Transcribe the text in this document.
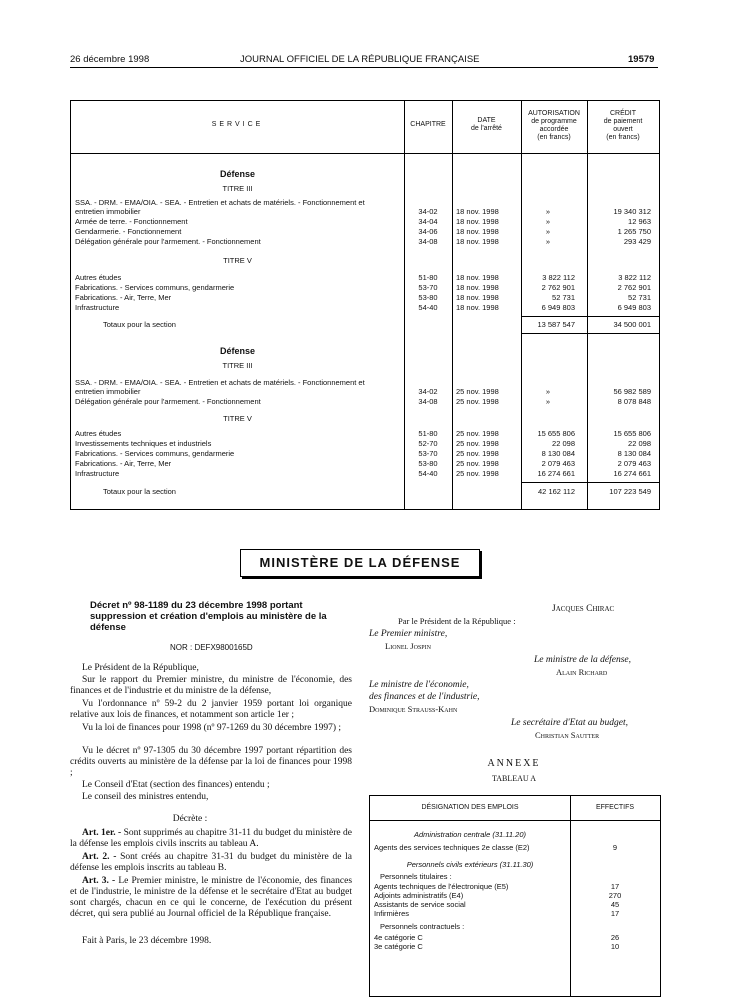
26 décembre 1998	JOURNAL OFFICIEL DE LA RÉPUBLIQUE FRANÇAISE	19579
SERVICE	CHAPITRE
DATE
de l'arrêté
AUTORISATION
de programme
accordée
(en francs)
CRÉDIT
de paiement
ouvert
(en francs)
Défense
TITRE III
SSA. - DRM. - EMA/OIA. - SEA. - Entretien et achats de matériels. - Fonctionnement et
entretien immobilier	34-02	18 nov. 1998	»	19 340 312
Armée de terre. - Fonctionnement	34-04	18 nov. 1998	»	12 963
Gendarmerie. - Fonctionnement	34-06	18 nov. 1998	»	1 265 750
Délégation générale pour l'armement. - Fonctionnement	34-08	18 nov. 1998	»	293 429
TITRE V
Autres études	51-80	18 nov. 1998	3 822 112	3 822 112
Fabrications. - Services communs, gendarmerie	53-70	18 nov. 1998	2 762 901	2 762 901
Fabrications. - Air, Terre, Mer	53-80	18 nov. 1998	52 731	52 731
Infrastructure	54-40	18 nov. 1998	6 949 803	6 949 803
Totaux pour la section	13 587 547	34 500 001
Défense
TITRE III
SSA. - DRM. - EMA/OIA. - SEA. - Entretien et achats de matériels. - Fonctionnement et
entretien immobilier	34-02	25 nov. 1998	»	56 982 589
Délégation générale pour l'armement. - Fonctionnement	34-08	25 nov. 1998	»	8 078 848
TITRE V
Autres études	51-80	25 nov. 1998	15 655 806	15 655 806
Investissements techniques et industriels	52-70	25 nov. 1998	22 098	22 098
Fabrications. - Services communs, gendarmerie	53-70	25 nov. 1998	8 130 084	8 130 084
Fabrications. - Air, Terre, Mer	53-80	25 nov. 1998	2 079 463	2 079 463
Infrastructure	54-40	25 nov. 1998	16 274 661	16 274 661
Totaux pour la section	42 162 112	107 223 549
MINISTÈRE DE LA DÉFENSE
Décret nº 98-1189 du 23 décembre 1998 portant suppression et création d'emplois au ministère de la défense
NOR : DEFX9800165D
Le Président de la République,
Sur le rapport du Premier ministre, du ministre de l'économie, des finances et de l'industrie et du ministre de la défense,
Vu l'ordonnance nº 59-2 du 2 janvier 1959 portant loi organique relative aux lois de finances, et notamment son article 1er ;
Vu la loi de finances pour 1998 (nº 97-1269 du 30 décembre 1997) ;
Vu le décret nº 97-1305 du 30 décembre 1997 portant répartition des crédits ouverts au ministère de la défense par la loi de finances pour 1998 ;
Le Conseil d'Etat (section des finances) entendu ;
Le conseil des ministres entendu,
Décrète :
Art. 1er. - Sont supprimés au chapitre 31-11 du budget du ministère de la défense les emplois civils inscrits au tableau A.
Art. 2. - Sont créés au chapitre 31-31 du budget du ministère de la défense les emplois inscrits au tableau B.
Art. 3. - Le Premier ministre, le ministre de l'économie, des finances et de l'industrie, le ministre de la défense et le secrétaire d'Etat au budget sont chargés, chacun en ce qui le concerne, de l'exécution du présent décret, qui sera publié au Journal officiel de la République française.
Fait à Paris, le 23 décembre 1998.
Jacques Chirac
Par le Président de la République :
Le Premier ministre,
Lionel Jospin
Le ministre de la défense,
Alain Richard
Le ministre de l'économie,
des finances et de l'industrie,
Dominique Strauss-Kahn
Le secrétaire d'Etat au budget,
Christian Sautter
ANNEXE
TABLEAU A
DÉSIGNATION DES EMPLOIS	EFFECTIFS
Administration centrale (31.11.20)
Agents des services techniques 2e classe (E2)	9
Personnels civils extérieurs (31.11.30)
Personnels titulaires :
Agents techniques de l'électronique (E5)	17
Adjoints administratifs (E4)	270
Assistants de service social	45
Infirmières	17
Personnels contractuels :
4e catégorie C	26
3e catégorie C	10
